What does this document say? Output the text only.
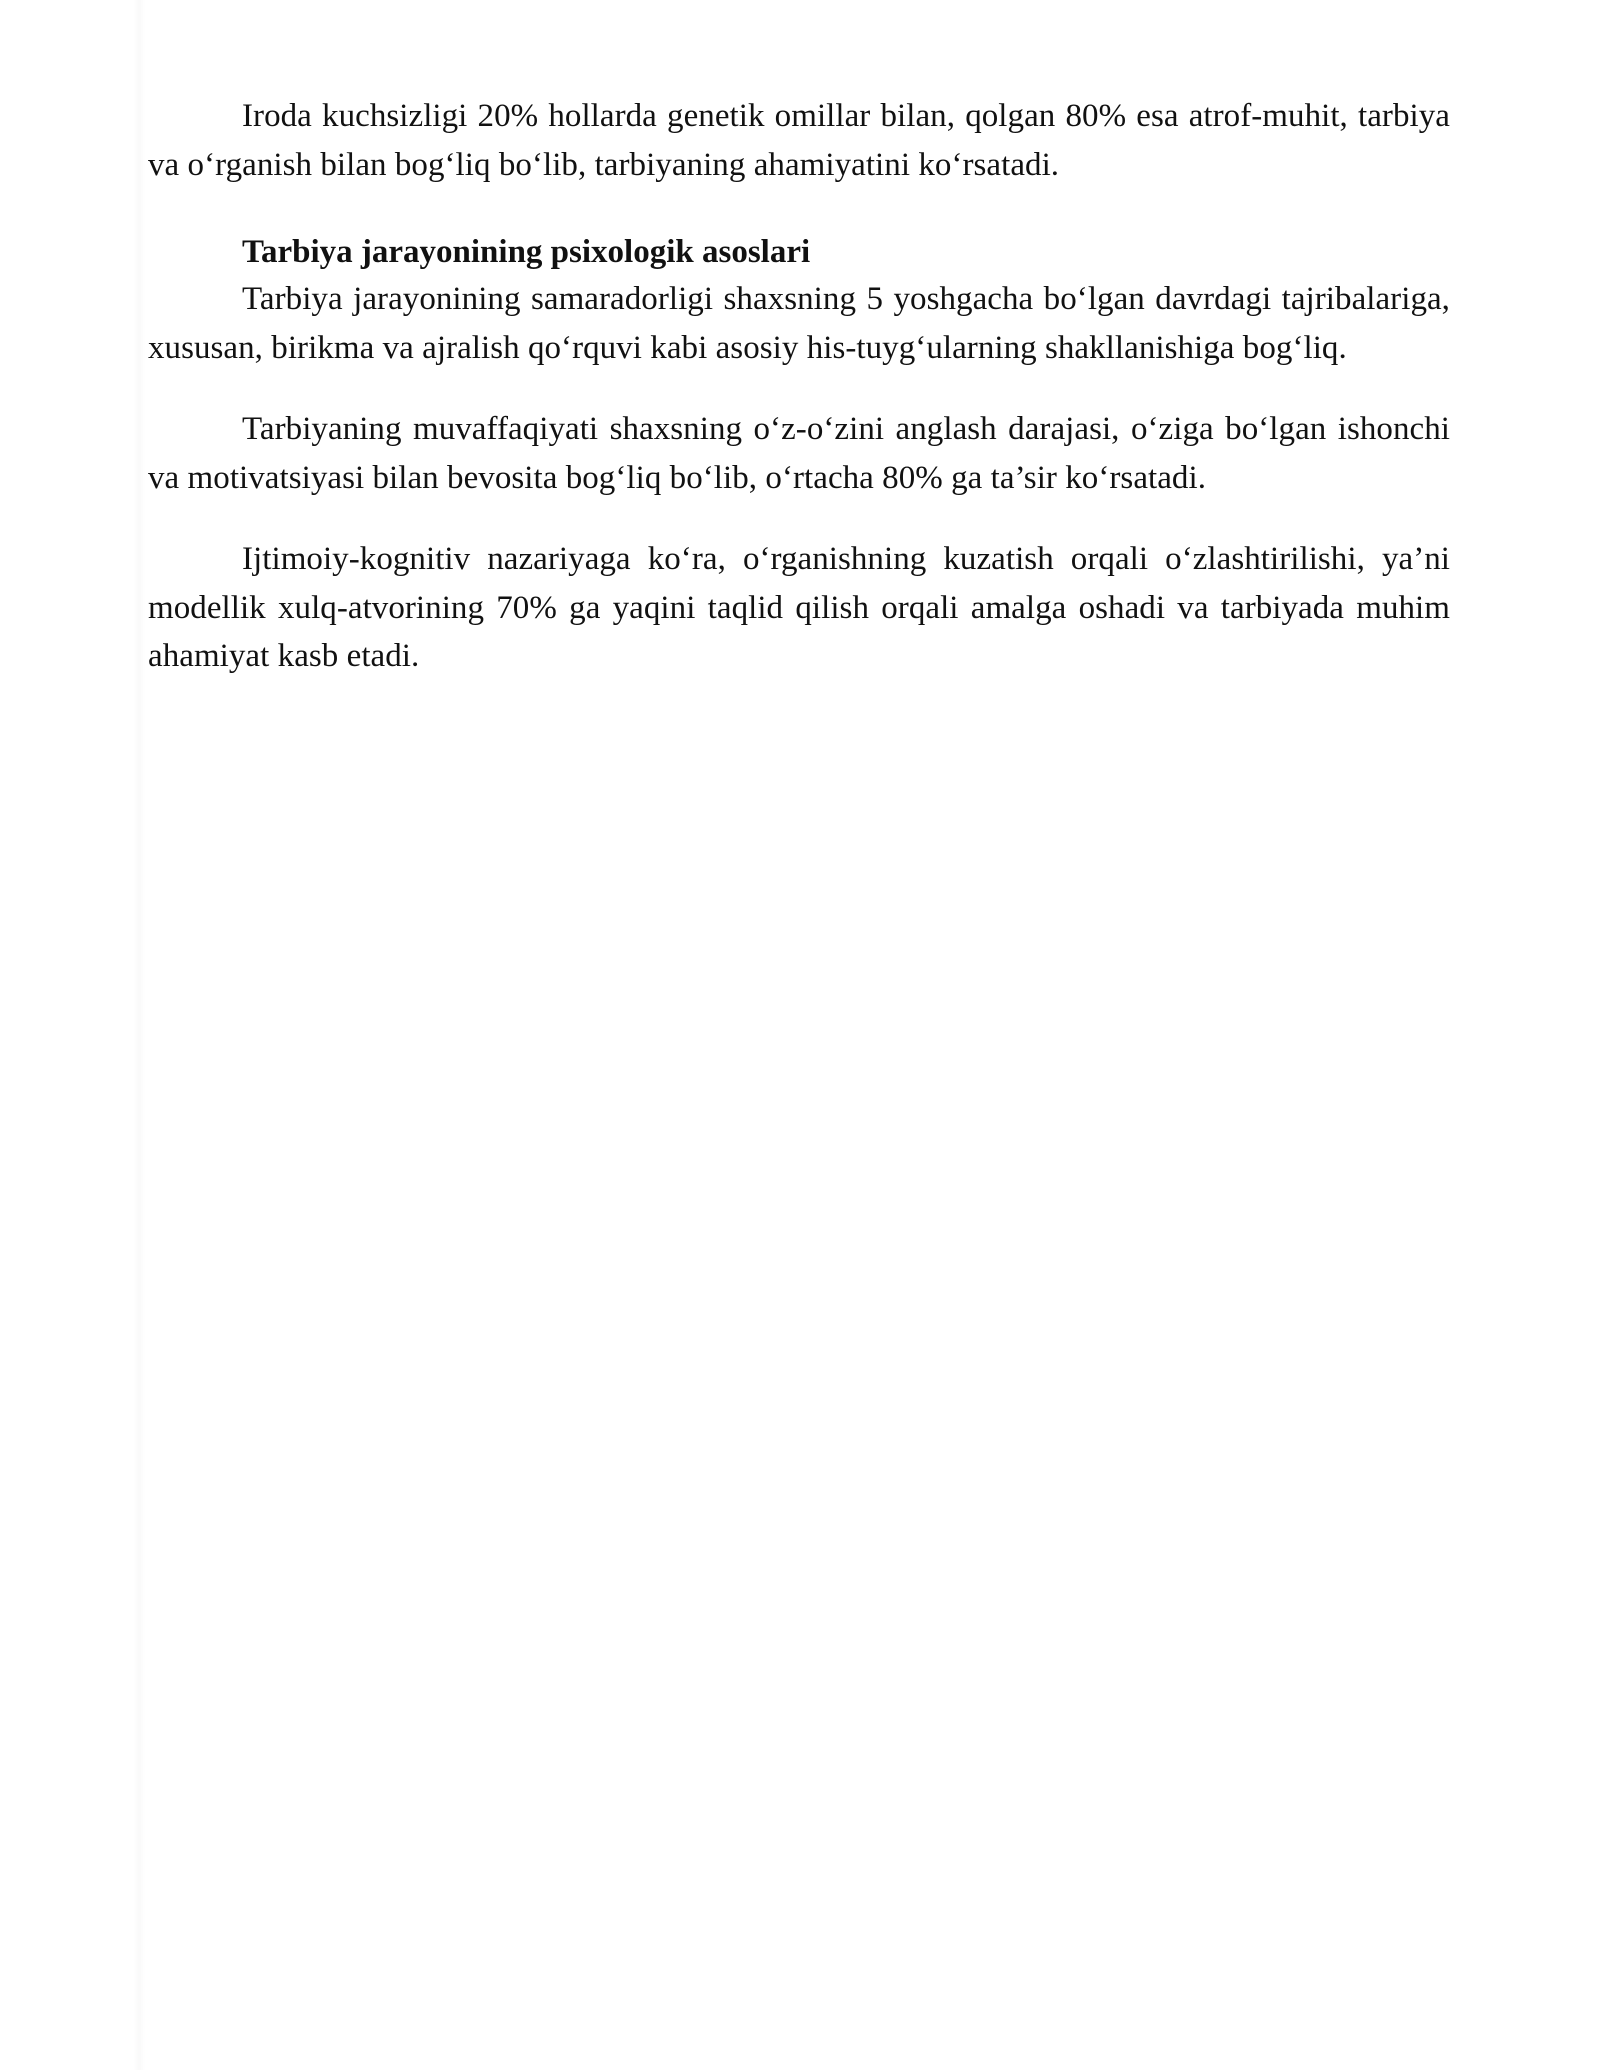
Iroda kuchsizligi 20% hollarda genetik omillar bilan, qolgan 80% esa atrof-muhit, tarbiya va o‘rganish bilan bog‘liq bo‘lib, tarbiyaning ahamiyatini ko‘rsatadi.

Tarbiya jarayonining psixologik asoslari

Tarbiya jarayonining samaradorligi shaxsning 5 yoshgacha bo‘lgan davrdagi tajribalariga, xususan, birikma va ajralish qo‘rquvi kabi asosiy his-tuyg‘ularning shakllanishiga bog‘liq.

Tarbiyaning muvaffaqiyati shaxsning o‘z-o‘zini anglash darajasi, o‘ziga bo‘lgan ishonchi va motivatsiyasi bilan bevosita bog‘liq bo‘lib, o‘rtacha 80% ga ta’sir ko‘rsatadi.

Ijtimoiy-kognitiv nazariyaga ko‘ra, o‘rganishning kuzatish orqali o‘zlashtirilishi, ya’ni modellik xulq-atvorining 70% ga yaqini taqlid qilish orqali amalga oshadi va tarbiyada muhim ahamiyat kasb etadi.
